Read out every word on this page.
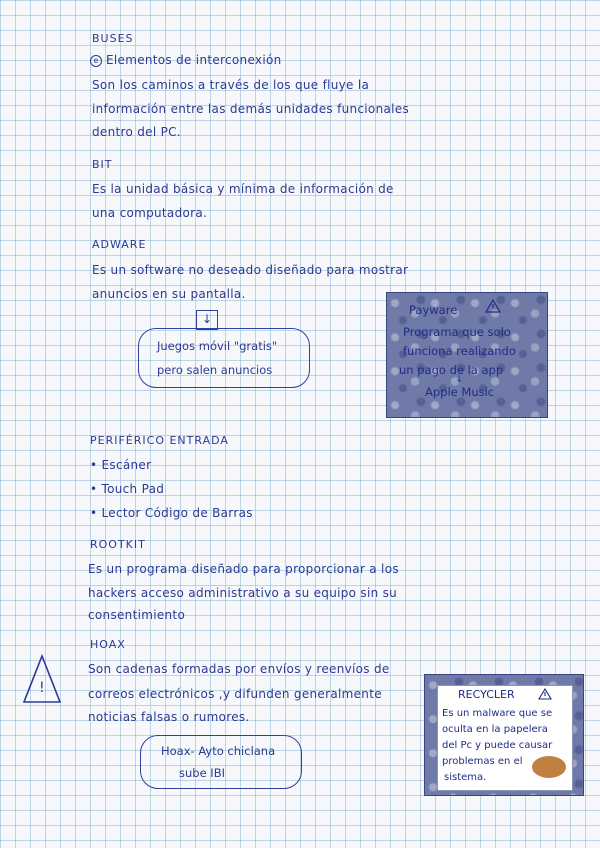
BUSES
e Elementos de interconexión
Son los caminos a través de los que fluye la
información entre las demás unidades funcionales
dentro del PC.
BIT
Es la unidad básica y mínima de información de
una computadora.
ADWARE
Es un software no deseado diseñado para mostrar
anuncios en su pantalla.
↓
Juegos móvil "gratis"
pero salen anuncios
Payware
Programa que solo
funciona realizando
un pago de la app
↓
Apple Music
PERIFÉRICO ENTRADA
• Escáner
• Touch Pad
• Lector Código de Barras
ROOTKIT
Es un programa diseñado para proporcionar a los
hackers acceso administrativo a su equipo sin su
consentimiento
HOAX
Son cadenas formadas por envíos y reenvíos de
correos electrónicos ,y difunden generalmente
noticias falsas o rumores.
Hoax- Ayto chiclana
sube IBI
!	RECYCLER
Es un malware que se
oculta en la papelera
del Pc y puede causar
problemas en el
sistema.
